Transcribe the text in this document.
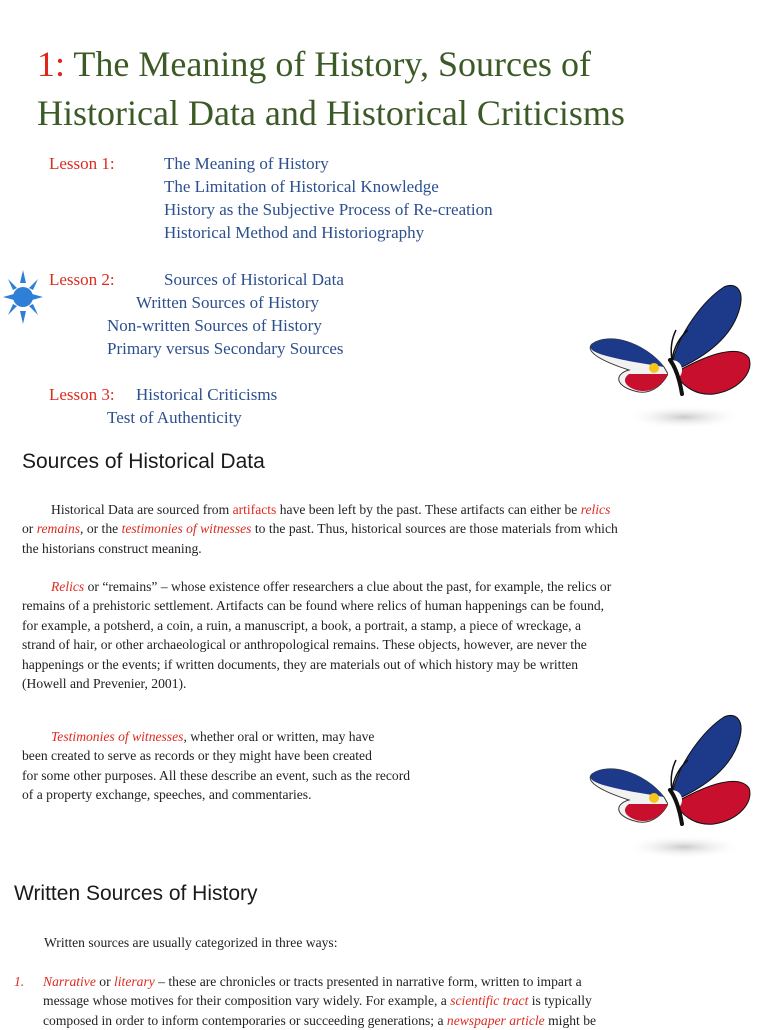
1: The Meaning of History, Sources of
Historical Data and Historical Criticisms
Lesson 1:	The Meaning of History
The Limitation of Historical Knowledge
History as the Subjective Process of Re-creation
Historical Method and Historiography
Lesson 2:	Sources of Historical Data
Written Sources of History
Non-written Sources of History
Primary versus Secondary Sources
Lesson 3: Historical Criticisms
Test of Authenticity
Sources of Historical Data

Historical Data are sourced from artifacts have been left by the past. These artifacts can either be relics

or remains, or the testimonies of witnesses to the past. Thus, historical sources are those materials from which

the historians construct meaning.

Relics or “remains” – whose existence offer researchers a clue about the past, for example, the relics or

remains of a prehistoric settlement. Artifacts can be found where relics of human happenings can be found,

for example, a potsherd, a coin, a ruin, a manuscript, a book, a portrait, a stamp, a piece of wreckage, a

strand of hair, or other archaeological or anthropological remains. These objects, however, are never the

happenings or the events; if written documents, they are materials out of which history may be written

(Howell and Prevenier, 2001).

Testimonies of witnesses, whether oral or written, may have

been created to serve as records or they might have been created

for some other purposes. All these describe an event, such as the record

of a property exchange, speeches, and commentaries.

Written Sources of History
Written sources are usually categorized in three ways:

1. Narrative or literary – these are chronicles or tracts presented in narrative form, written to impart a

message whose motives for their composition vary widely. For example, a scientific tract is typically

composed in order to inform contemporaries or succeeding generations; a newspaper article might be
